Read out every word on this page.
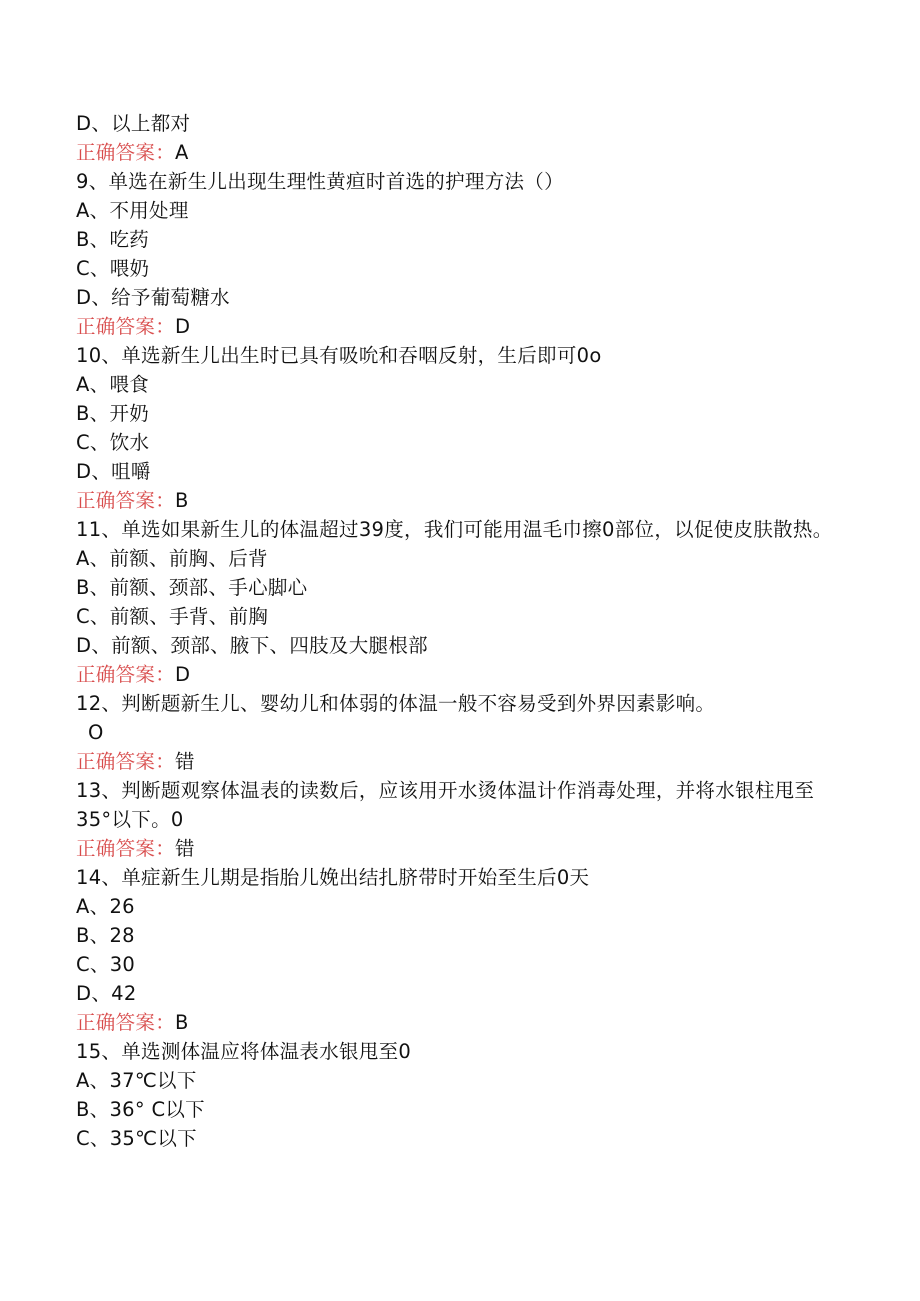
D、以上都对
正确答案：A
9、单选在新生儿出现生理性黄疸时首选的护理方法（）
A、不用处理
B、吃药
C、喂奶
D、给予葡萄糖水
正确答案：D
10、单选新生儿出生时已具有吸吮和吞咽反射，生后即可0o
A、喂食
B、开奶
C、饮水
D、咀嚼
正确答案：B
11、单选如果新生儿的体温超过39度，我们可能用温毛巾擦0部位，以促使皮肤散热。
A、前额、前胸、后背
B、前额、颈部、手心脚心
C、前额、手背、前胸
D、前额、颈部、腋下、四肢及大腿根部
正确答案：D
12、判断题新生儿、婴幼儿和体弱的体温一般不容易受到外界因素影响。
O
正确答案：错
13、判断题观察体温表的读数后，应该用开水烫体温计作消毒处理，并将水银柱甩至35°以下。0
正确答案：错
14、单症新生儿期是指胎儿娩出结扎脐带时开始至生后0天
A、26
B、28
C、30
D、42
正确答案：B
15、单选测体温应将体温表水银甩至0
A、37℃以下
B、36° C以下
C、35℃以下
